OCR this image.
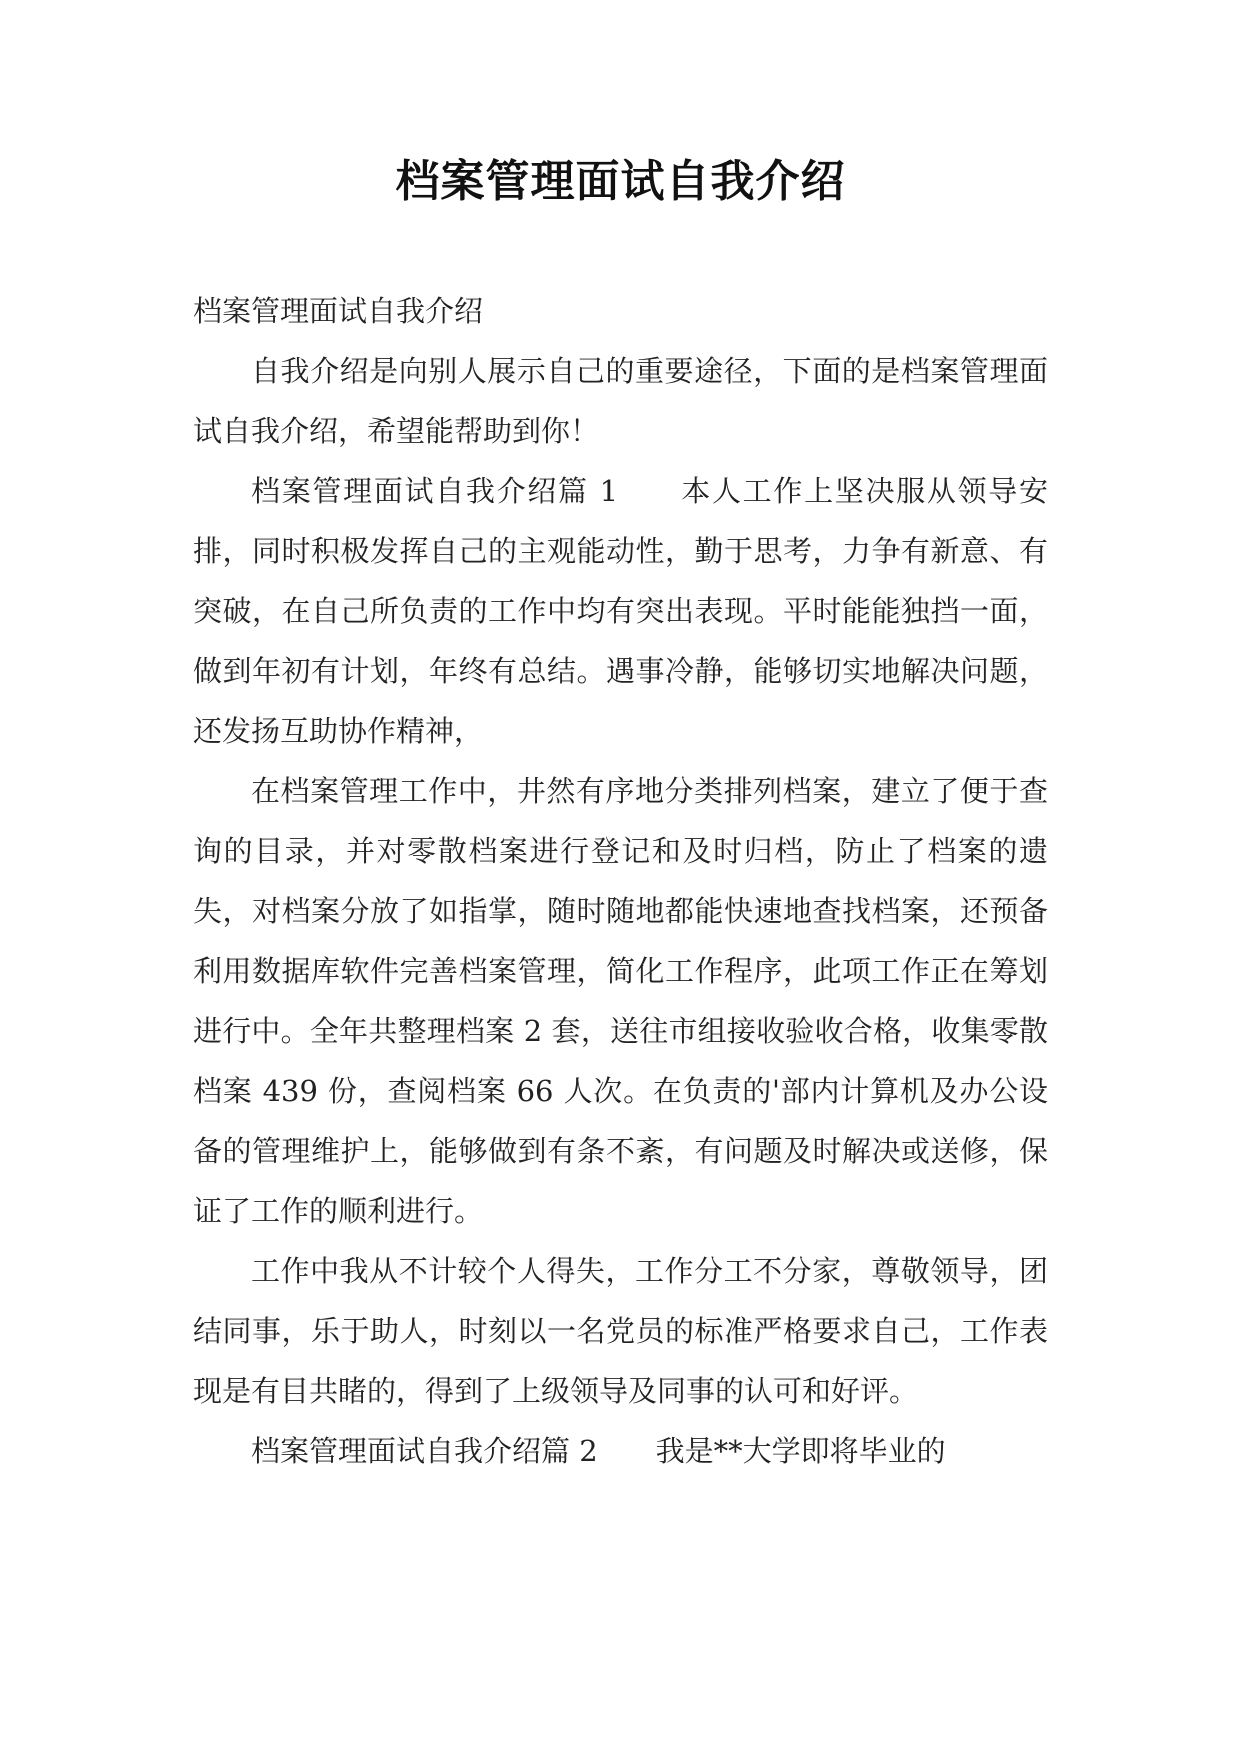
档案管理面试自我介绍

档案管理面试自我介绍

自我介绍是向别人展示自己的重要途径，下面的是档案管理面试自我介绍，希望能帮助到你！

档案管理面试自我介绍篇 1　　本人工作上坚决服从领导安排，同时积极发挥自己的主观能动性，勤于思考，力争有新意、有突破，在自己所负责的工作中均有突出表现。平时能能独挡一面，做到年初有计划，年终有总结。遇事冷静，能够切实地解决问题，还发扬互助协作精神，

在档案管理工作中，井然有序地分类排列档案，建立了便于查询的目录，并对零散档案进行登记和及时归档，防止了档案的遗失，对档案分放了如指掌，随时随地都能快速地查找档案，还预备利用数据库软件完善档案管理，简化工作程序，此项工作正在筹划进行中。全年共整理档案 2 套，送往市组接收验收合格，收集零散档案 439 份，查阅档案 66 人次。在负责的'部内计算机及办公设备的管理维护上，能够做到有条不紊，有问题及时解决或送修，保证了工作的顺利进行。

工作中我从不计较个人得失，工作分工不分家，尊敬领导，团结同事，乐于助人，时刻以一名党员的标准严格要求自己，工作表现是有目共睹的，得到了上级领导及同事的认可和好评。

档案管理面试自我介绍篇 2　　我是**大学即将毕业的
